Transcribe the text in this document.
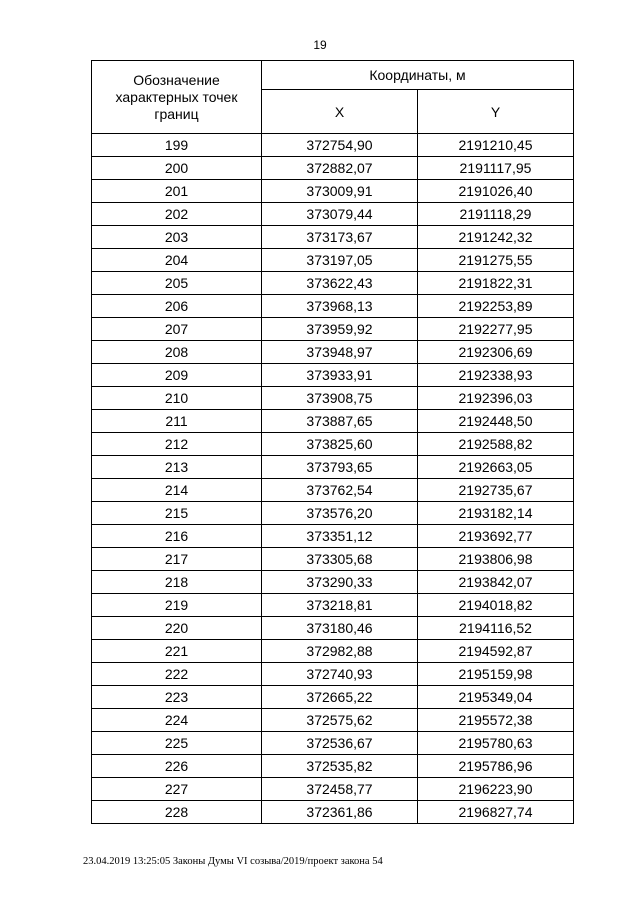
19
Обозначение характерных точек границ	Координаты, м	
	X	Y
199	372754,90	2191210,45
200	372882,07	2191117,95
201	373009,91	2191026,40
202	373079,44	2191118,29
203	373173,67	2191242,32
204	373197,05	2191275,55
205	373622,43	2191822,31
206	373968,13	2192253,89
207	373959,92	2192277,95
208	373948,97	2192306,69
209	373933,91	2192338,93
210	373908,75	2192396,03
211	373887,65	2192448,50
212	373825,60	2192588,82
213	373793,65	2192663,05
214	373762,54	2192735,67
215	373576,20	2193182,14
216	373351,12	2193692,77
217	373305,68	2193806,98
218	373290,33	2193842,07
219	373218,81	2194018,82
220	373180,46	2194116,52
221	372982,88	2194592,87
222	372740,93	2195159,98
223	372665,22	2195349,04
224	372575,62	2195572,38
225	372536,67	2195780,63
226	372535,82	2195786,96
227	372458,77	2196223,90
228	372361,86	2196827,74
23.04.2019 13:25:05 Законы Думы VI созыва/2019/проект закона 54
